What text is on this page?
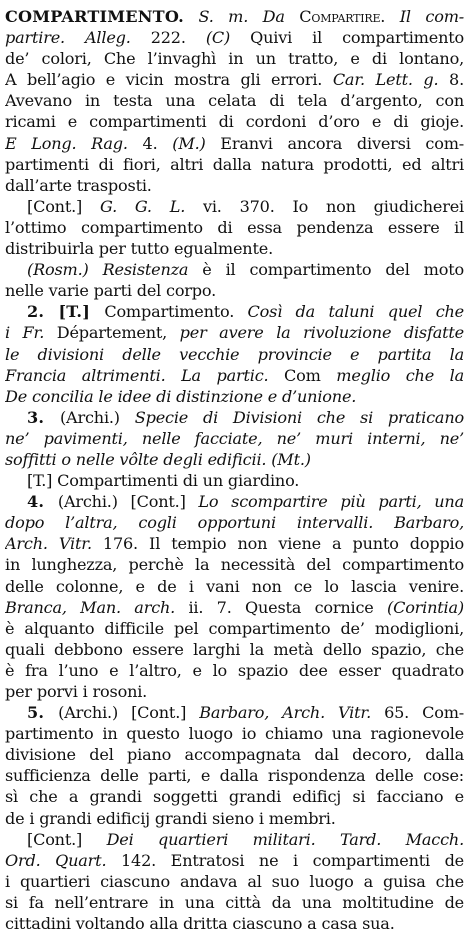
COMPARTIMENTO. S. m. Da Compartire. Il com-
partire. Alleg. 222. (C) Quivi il compartimento
de’ colori, Che l’invaghì in un tratto, e di lontano,
A bell’agio e vicin mostra gli errori. Car. Lett. g. 8.
Avevano in testa una celata di tela d’argento, con
ricami e compartimenti di cordoni d’oro e di gioje.
E Long. Rag. 4. (M.) Eranvi ancora diversi com-
partimenti di fiori, altri dalla natura prodotti, ed altri
dall’arte trasposti.
[Cont.] G. G. L. vi. 370. Io non giudicherei
l’ottimo compartimento di essa pendenza essere il
distribuirla per tutto egualmente.
(Rosm.) Resistenza è il compartimento del moto
nelle varie parti del corpo.
2. [T.] Compartimento. Così da taluni quel che
i Fr. Département, per avere la rivoluzione disfatte
le divisioni delle vecchie provincie e partita la
Francia altrimenti. La partic. Com meglio che la
De concilia le idee di distinzione e d’unione.
3. (Archi.) Specie di Divisioni che si praticano
ne’ pavimenti, nelle facciate, ne’ muri interni, ne’
soffitti o nelle vôlte degli edificii. (Mt.)
[T.] Compartimenti di un giardino.
4. (Archi.) [Cont.] Lo scompartire più parti, una
dopo l’altra, cogli opportuni intervalli. Barbaro,
Arch. Vitr. 176. Il tempio non viene a punto doppio
in lunghezza, perchè la necessità del compartimento
delle colonne, e de i vani non ce lo lascia venire.
Branca, Man. arch. ii. 7. Questa cornice (Corintia)
è alquanto difficile pel compartimento de’ modiglioni,
quali debbono essere larghi la metà dello spazio, che
è fra l’uno e l’altro, e lo spazio dee esser quadrato
per porvi i rosoni.
5. (Archi.) [Cont.] Barbaro, Arch. Vitr. 65. Com-
partimento in questo luogo io chiamo una ragionevole
divisione del piano accompagnata dal decoro, dalla
sufficienza delle parti, e dalla rispondenza delle cose:
sì che a grandi soggetti grandi edificj si facciano e
de i grandi edificij grandi sieno i membri.
[Cont.] Dei quartieri militari. Tard. Macch.
Ord. Quart. 142. Entratosi ne i compartimenti de
i quartieri ciascuno andava al suo luogo a guisa che
si fa nell’entrare in una città da una moltitudine de
cittadini voltando alla dritta ciascuno a casa sua.
